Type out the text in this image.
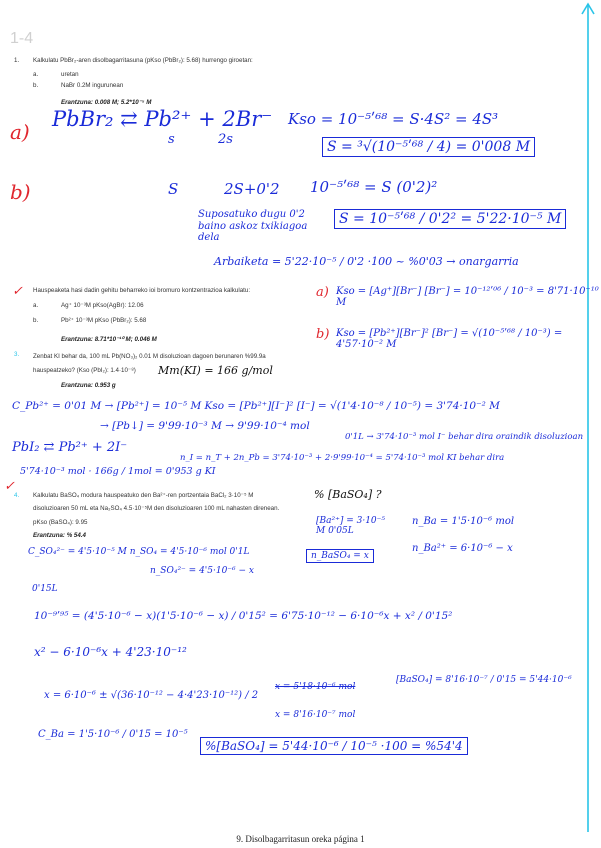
1-4
1. Kalkulatu PbBr₂-aren disolbagarritasuna (pKso (PbBr₂): 5.68) hurrengo giroetan:
a.	uretan
b.	NaBr 0.2M ingurunean
Erantzuna: 0.008 M; 5.2*10⁻⁵ M
a)
PbBr₂ ⇄ Pb²⁺ + 2Br⁻
s	2s
Kso = 10⁻⁵ʹ⁶⁸ = S·4S² = 4S³
S = ³√(10⁻⁵ʹ⁶⁸ / 4) = 0'008 M
b)	S	2S+0'2 10⁻⁵ʹ⁶⁸ = S (0'2)²
Suposatuko dugu 0'2 baino askoz txikiagoa dela
S = 10⁻⁵ʹ⁶⁸ / 0'2² = 5'22·10⁻⁵ M
Arbaiketa = 5'22·10⁻⁵ / 0'2 ·100 ~ %0'03 → onargarria
✓ Hauspeaketa hasi dadin gehitu beharreko ioi bromuro kontzentrazioa kalkulatu:
a.	Ag⁺ 10⁻³M pKso(AgBr): 12.06
b.	Pb²⁺ 10⁻³M pKso (PbBr₂): 5.68
Erantzuna: 8.71*10⁻¹⁰ M; 0.046 M
a) Kso = [Ag⁺][Br⁻] [Br⁻] = 10⁻¹²ʹ⁰⁶ / 10⁻³ = 8'71·10⁻¹⁰ M
b) Kso = [Pb²⁺][Br⁻]² [Br⁻] = √(10⁻⁵ʹ⁶⁸ / 10⁻³) = 4'57·10⁻² M
3. Zenbat KI behar da, 100 mL Pb(NO₃)₂ 0.01 M disoluzioan dagoen berunaren %99.9a
hauspeatzeko? (Kso (PbI₂): 1.4·10⁻⁸) Mm(KI) = 166 g/mol
Erantzuna: 0.953 g
C_Pb²⁺ = 0'01 M → [Pb²⁺] = 10⁻⁵ M Kso = [Pb²⁺][I⁻]² [I⁻] = √(1'4·10⁻⁸ / 10⁻⁵) = 3'74·10⁻² M
→ [Pb↓] = 9'99·10⁻³ M → 9'99·10⁻⁴ mol
0'1L → 3'74·10⁻³ mol I⁻ behar dira oraindik disoluzioan
PbI₂ ⇄ Pb²⁺ + 2I⁻
n_I = n_T + 2n_Pb = 3'74·10⁻³ + 2·9'99·10⁻⁴ = 5'74·10⁻³ mol KI behar dira
5'74·10⁻³ mol · 166g / 1mol = 0'953 g KI
✓
4. Kalkulatu BaSO₄ modura hauspeatuko den Ba²⁺-ren portzentaia BaCl₂ 3·10⁻⁵ M	% [BaSO₄] ?
disoluzioaren 50 mL eta Na₂SO₄ 4.5·10⁻⁵M den disoluzioaren 100 mL nahasten direnean.
pKso (BaSO₄): 9.95
Erantzuna: % 54.4
[Ba²⁺] = 3·10⁻⁵ M 0'05L
n_Ba = 1'5·10⁻⁶ mol
n_Ba²⁺ = 6·10⁻⁶ − x
C_SO₄²⁻ = 4'5·10⁻⁵ M n_SO₄ = 4'5·10⁻⁶ mol 0'1L
n_SO₄²⁻ = 4'5·10⁻⁶ − x
n_BaSO₄ = x
0'15L
10⁻⁹ʹ⁹⁵ = (4'5·10⁻⁶ − x)(1'5·10⁻⁶ − x) / 0'15² = 6'75·10⁻¹² − 6·10⁻⁶x + x² / 0'15²
x² − 6·10⁻⁶x + 4'23·10⁻¹²
x = 6·10⁻⁶ ± √(36·10⁻¹² − 4·4'23·10⁻¹²) / 2
x = 5'18·10⁻⁶ mol
x = 8'16·10⁻⁷ mol
[BaSO₄] = 8'16·10⁻⁷ / 0'15 = 5'44·10⁻⁶
C_Ba = 1'5·10⁻⁶ / 0'15 = 10⁻⁵
%[BaSO₄] = 5'44·10⁻⁶ / 10⁻⁵ ·100 = %54'4
9. Disolbagarritasun oreka página 1
